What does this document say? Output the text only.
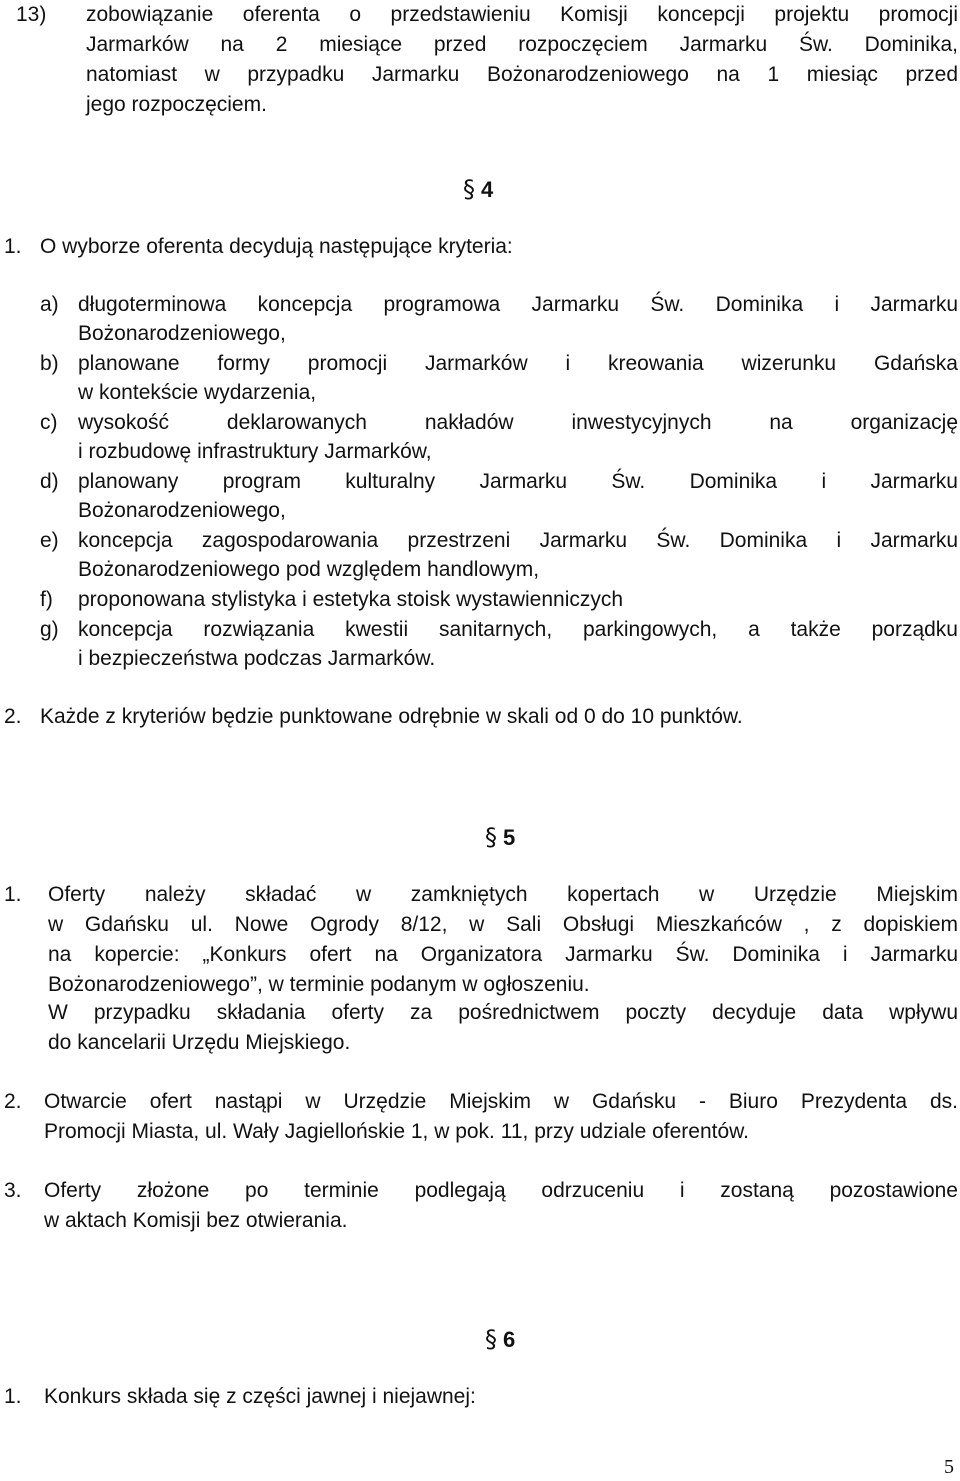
13) zobowiązanie oferenta o przedstawieniu Komisji koncepcji projektu promocji
Jarmarków na 2 miesiące przed rozpoczęciem Jarmarku Św. Dominika,
natomiast w przypadku Jarmarku Bożonarodzeniowego na 1 miesiąc przed
jego rozpoczęciem.
§ 4
1. O wyborze oferenta decydują następujące kryteria:
a) długoterminowa koncepcja programowa Jarmarku Św. Dominika i Jarmarku
Bożonarodzeniowego,
b) planowane formy promocji Jarmarków i kreowania wizerunku Gdańska
w kontekście wydarzenia,
c) wysokość deklarowanych nakładów inwestycyjnych na organizację
i rozbudowę infrastruktury Jarmarków,
d) planowany program kulturalny Jarmarku Św. Dominika i Jarmarku
Bożonarodzeniowego,
e) koncepcja zagospodarowania przestrzeni Jarmarku Św. Dominika i Jarmarku
Bożonarodzeniowego pod względem handlowym,
f) proponowana stylistyka i estetyka stoisk wystawienniczych
g) koncepcja rozwiązania kwestii sanitarnych, parkingowych, a także porządku
i bezpieczeństwa podczas Jarmarków.
2. Każde z kryteriów będzie punktowane odrębnie w skali od 0 do 10 punktów.
§ 5
1. Oferty należy składać w zamkniętych kopertach w Urzędzie Miejskim
w Gdańsku ul. Nowe Ogrody 8/12, w Sali Obsługi Mieszkańców , z dopiskiem
na kopercie: „Konkurs ofert na Organizatora Jarmarku Św. Dominika i Jarmarku
Bożonarodzeniowego”, w terminie podanym w ogłoszeniu.
W przypadku składania oferty za pośrednictwem poczty decyduje data wpływu
do kancelarii Urzędu Miejskiego.
2. Otwarcie ofert nastąpi w Urzędzie Miejskim w Gdańsku - Biuro Prezydenta ds.
Promocji Miasta, ul. Wały Jagiellońskie 1, w pok. 11, przy udziale oferentów.
3. Oferty złożone po terminie podlegają odrzuceniu i zostaną pozostawione
w aktach Komisji bez otwierania.
§ 6
1. Konkurs składa się z części jawnej i niejawnej:
5
